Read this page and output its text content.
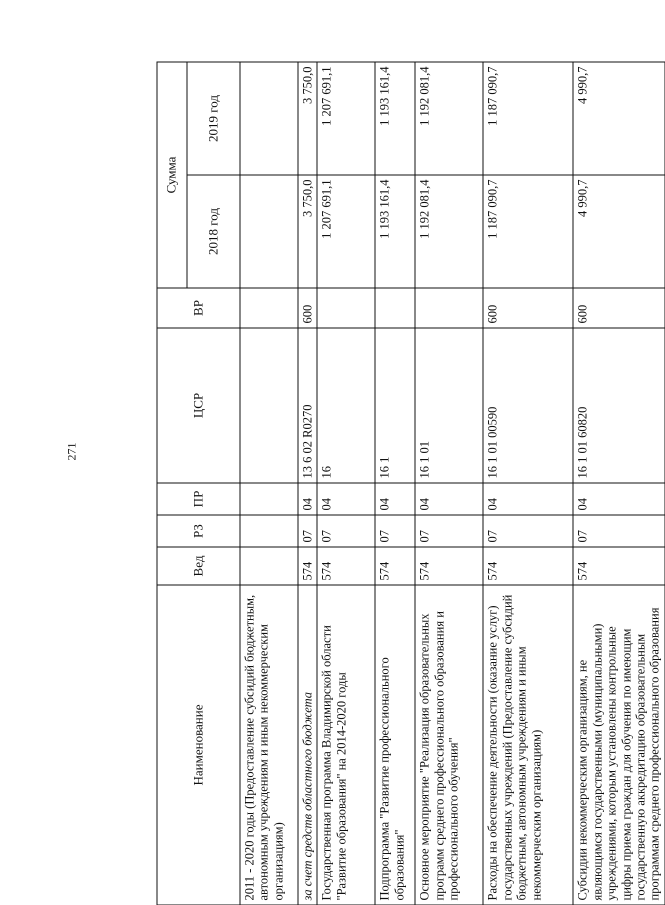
271
Наименование	Вед	РЗ	ПР	ЦСР	ВР	Сумма	
						2018 год	2019 год
2011 - 2020 годы (Предоставление субсидий бюджетным, автономным учреждениям и иным некоммерческим организациям)							
за счет средств областного бюджета	574	07	04	13 6 02 R0270	600	3 750,0	3 750,0
Государственная программа Владимирской области "Развитие образования" на 2014-2020 годы	574	07	04	16		1 207 691,1	1 207 691,1
Подпрограмма "Развитие профессионального образования"	574	07	04	16 1		1 193 161,4	1 193 161,4
Основное мероприятие "Реализация образовательных программ среднего профессионального образования и профессионального обучения"	574	07	04	16 1 01		1 192 081,4	1 192 081,4
Расходы на обеспечение деятельности (оказание услуг) государственных учреждений (Предоставление субсидий бюджетным, автономным учреждениям и иным некоммерческим организациям)	574	07	04	16 1 01 00590	600	1 187 090,7	1 187 090,7
Субсидии некоммерческим организациям, не являющимся государственными (муниципальными) учреждениями, которым установлены контрольные цифры приема граждан для обучения по имеющим государственную аккредитацию образовательным программам среднего профессионального образования	574	07	04	16 1 01 60820	600	4 990,7	4 990,7
